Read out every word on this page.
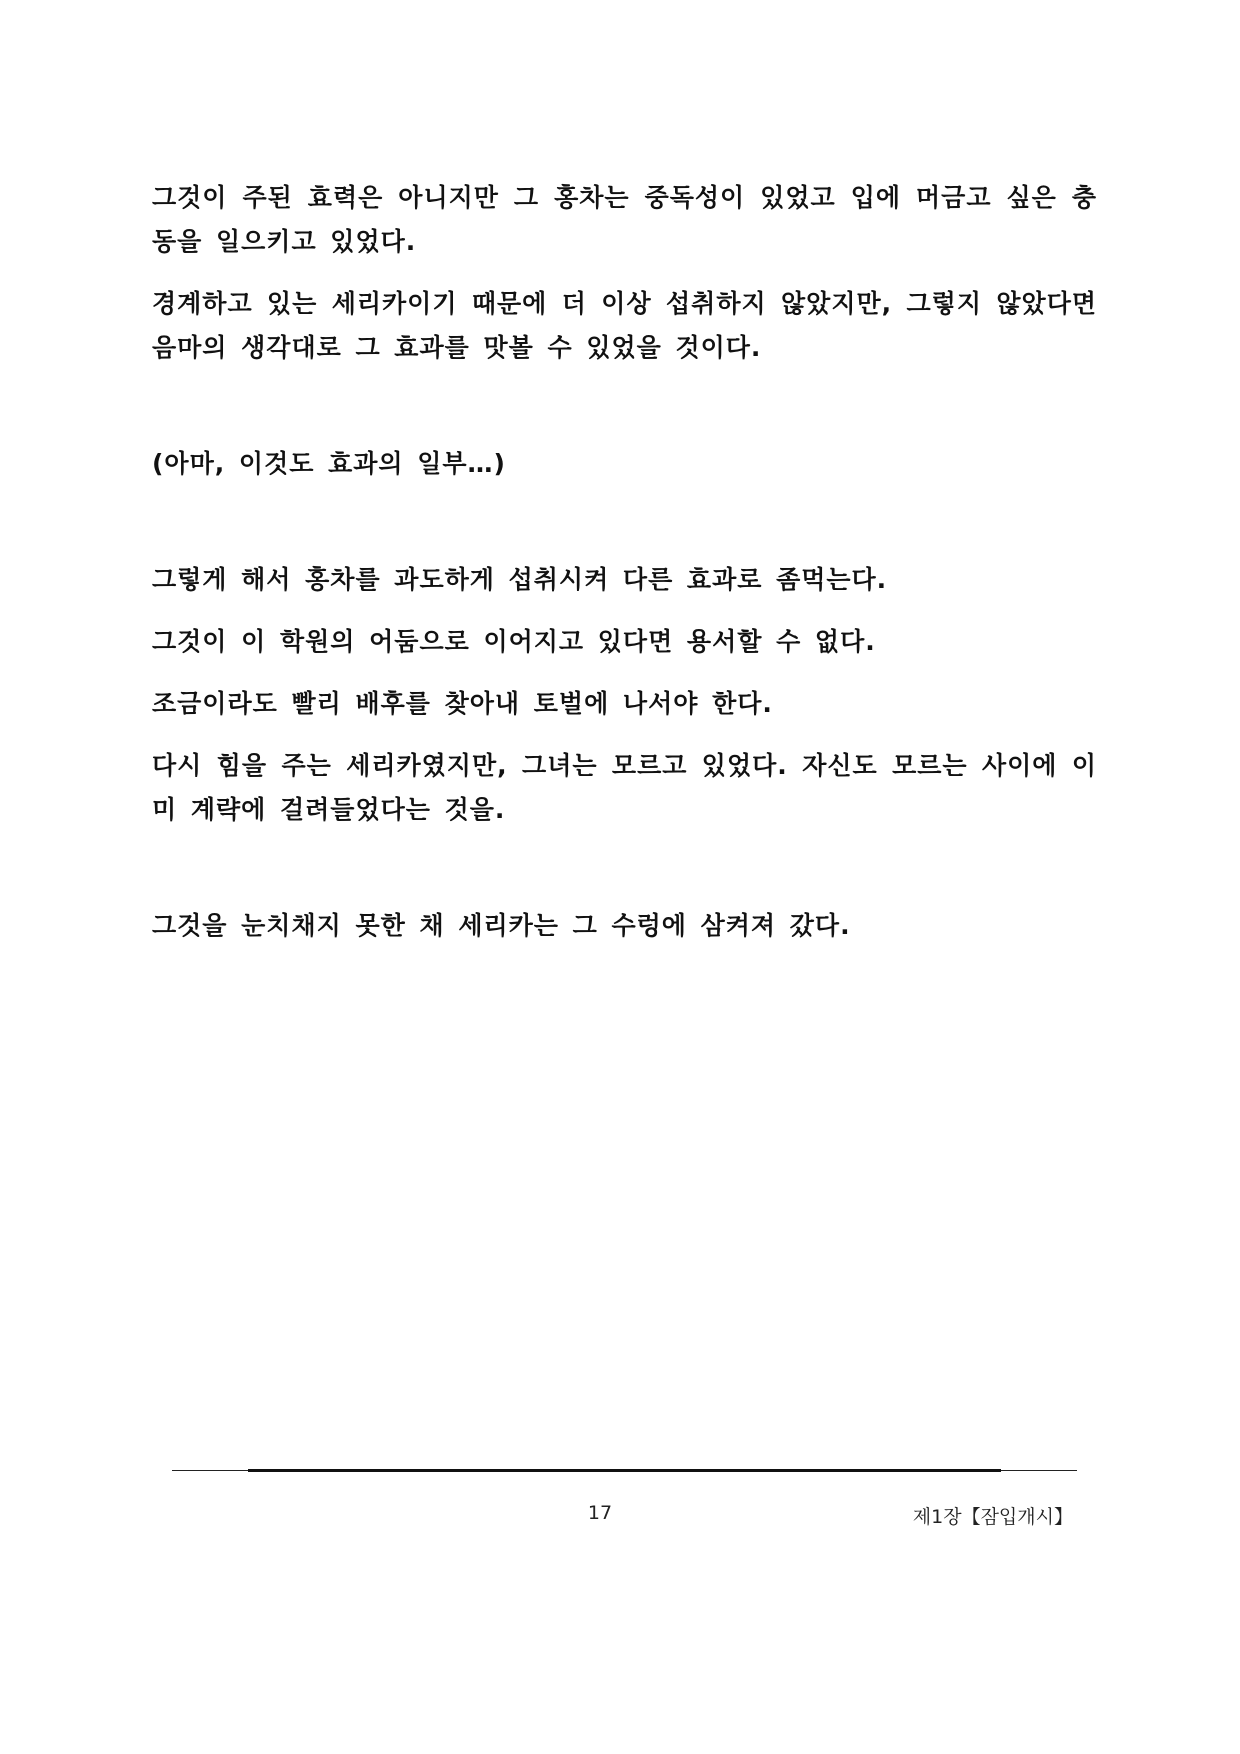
그것이 주된 효력은 아니지만 그 홍차는 중독성이 있었고 입에 머금고 싶은 충동을 일으키고 있었다.

경계하고 있는 세리카이기 때문에 더 이상 섭취하지 않았지만, 그렇지 않았다면 음마의 생각대로 그 효과를 맛볼 수 있었을 것이다.

(아마, 이것도 효과의 일부…)

그렇게 해서 홍차를 과도하게 섭취시켜 다른 효과로 좀먹는다.

그것이 이 학원의 어둠으로 이어지고 있다면 용서할 수 없다.

조금이라도 빨리 배후를 찾아내 토벌에 나서야 한다.

다시 힘을 주는 세리카였지만, 그녀는 모르고 있었다. 자신도 모르는 사이에 이미 계략에 걸려들었다는 것을.

그것을 눈치채지 못한 채 세리카는 그 수렁에 삼켜져 갔다.

17	제1장【잠입개시】
